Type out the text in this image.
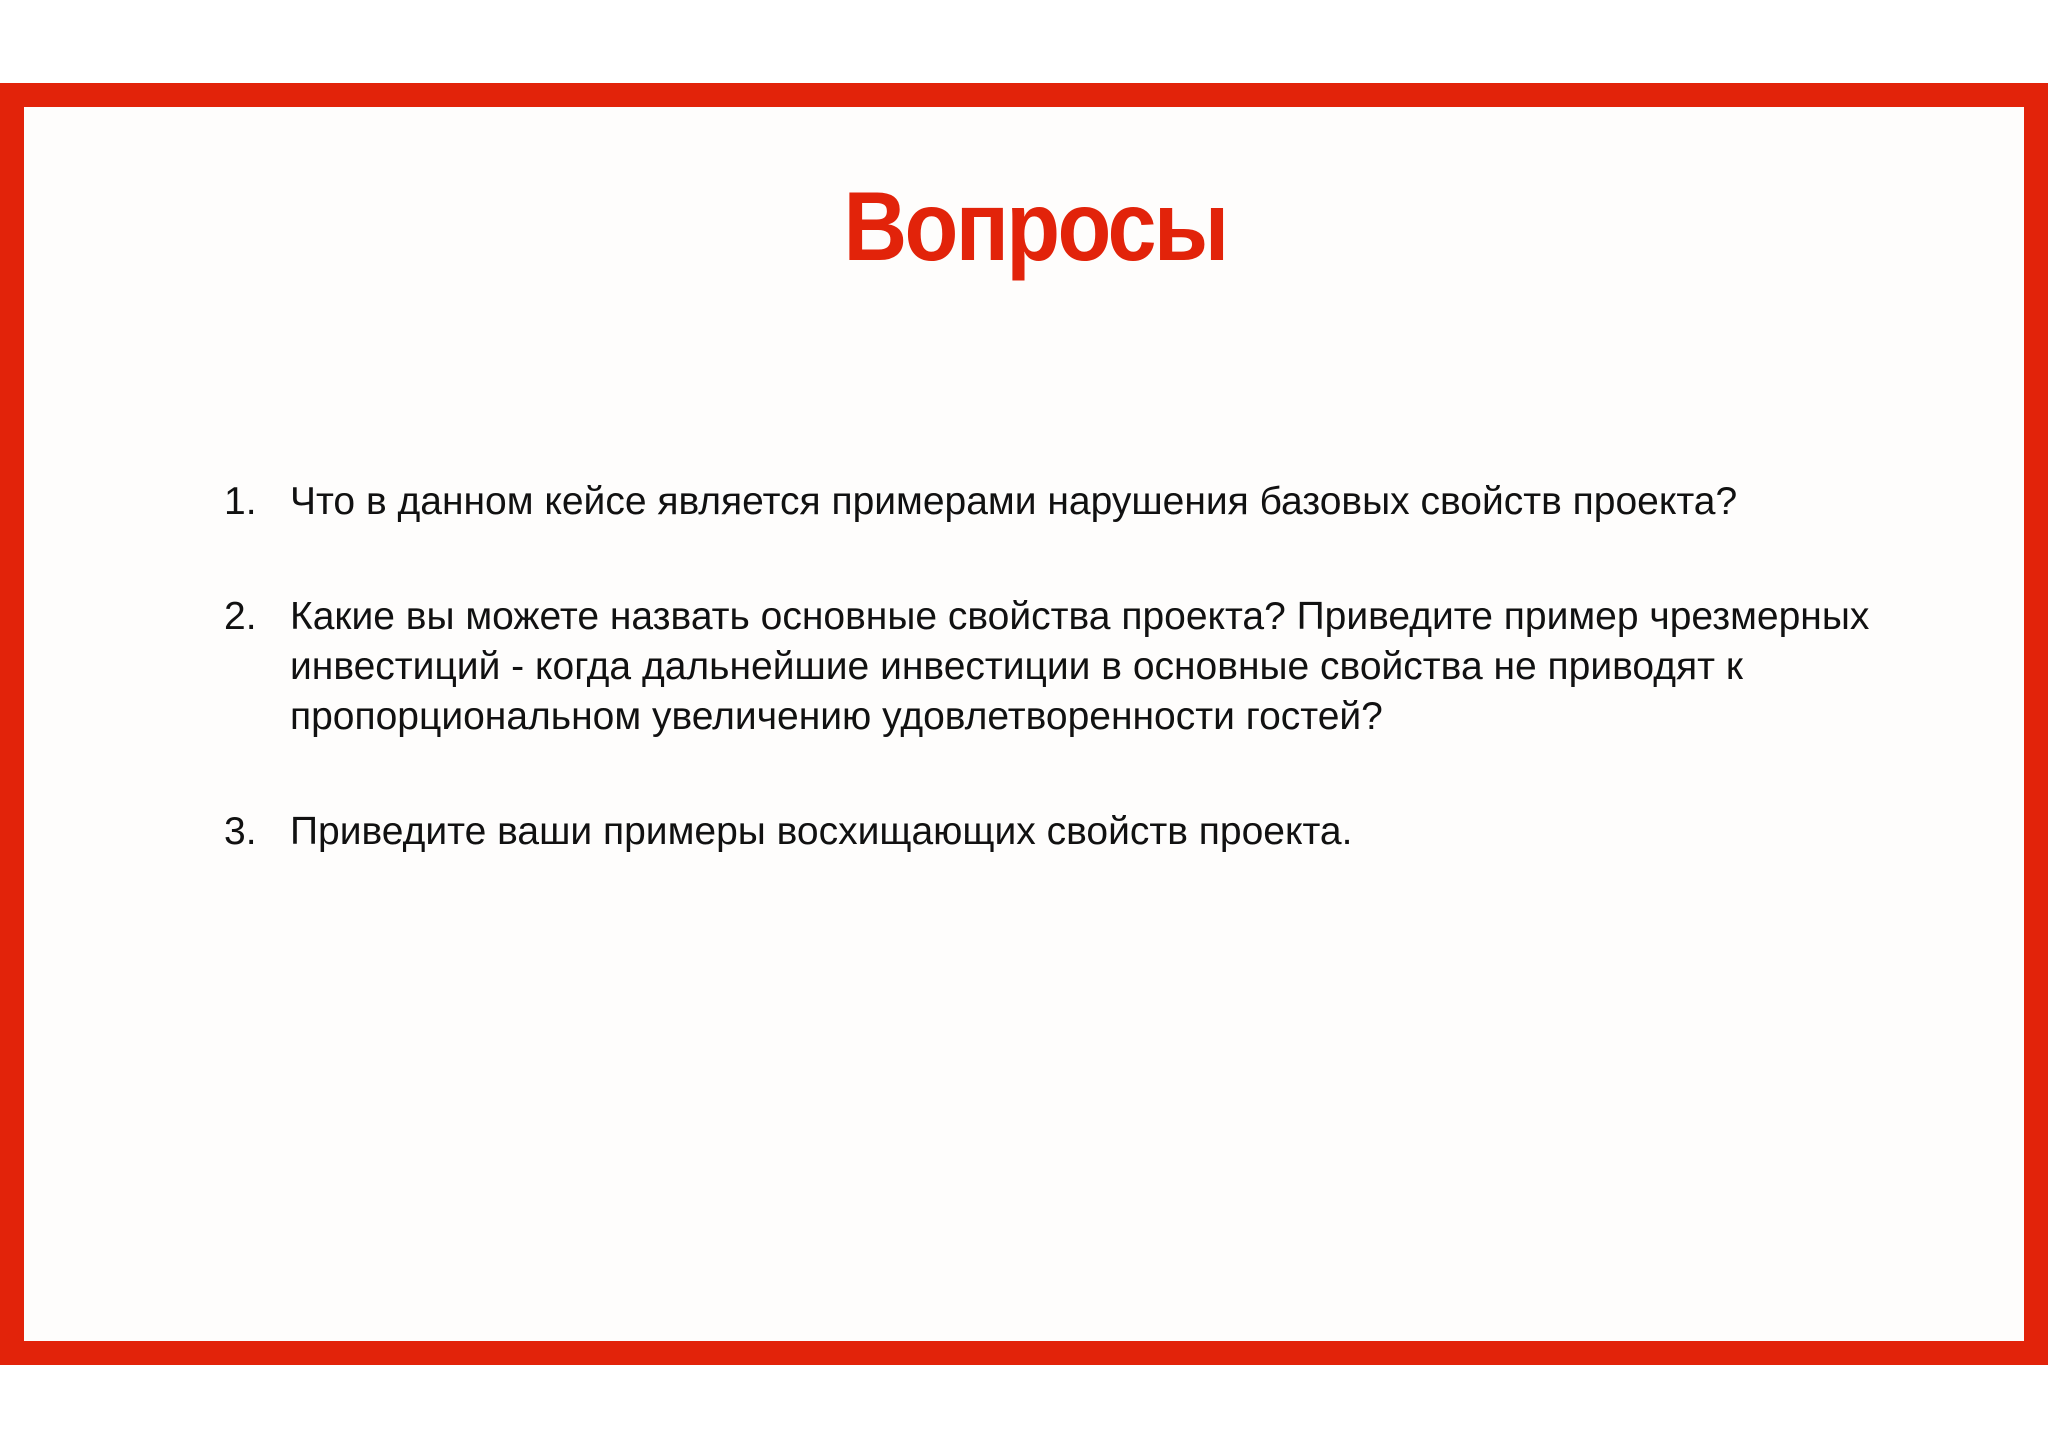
Вопросы
1. Что в данном кейсе является примерами нарушения базовых свойств проекта?
2. Какие вы можете назвать основные свойства проекта? Приведите пример чрезмерных инвестиций - когда дальнейшие инвестиции в основные свойства не приводят к пропорциональном увеличению удовлетворенности гостей?
3. Приведите ваши примеры восхищающих свойств проекта.
